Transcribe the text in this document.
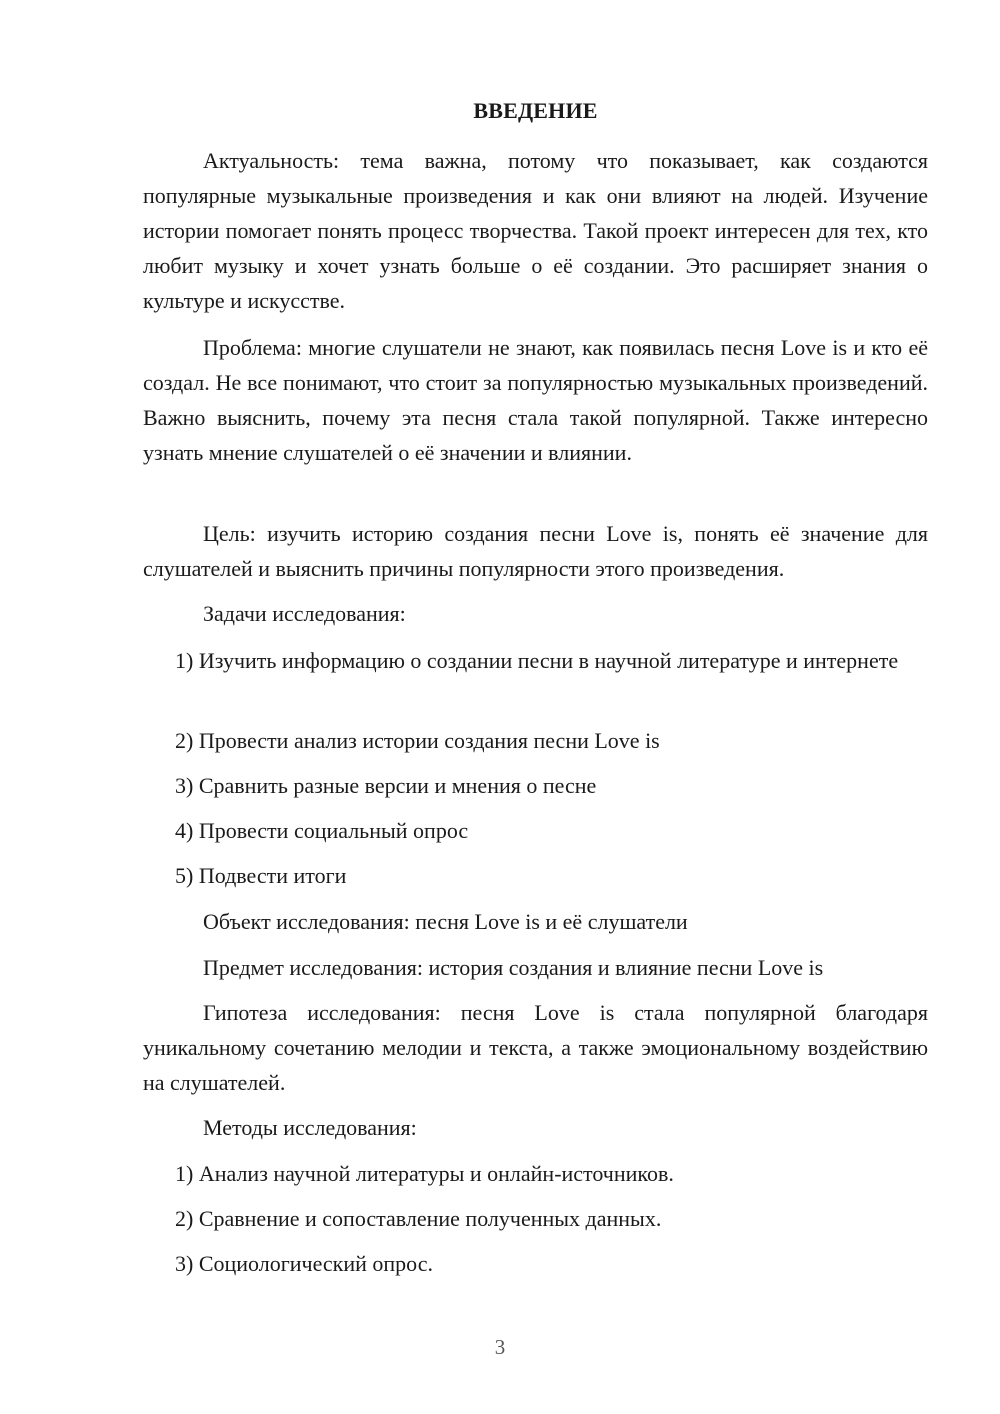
ВВЕДЕНИЕ

Актуальность: тема важна, потому что показывает, как создаются популярные музыкальные произведения и как они влияют на людей. Изучение истории помогает понять процесс творчества. Такой проект интересен для тех, кто любит музыку и хочет узнать больше о её создании. Это расширяет знания о культуре и искусстве.

Проблема: многие слушатели не знают, как появилась песня Love is и кто её создал. Не все понимают, что стоит за популярностью музыкальных произведений. Важно выяснить, почему эта песня стала такой популярной. Также интересно узнать мнение слушателей о её значении и влиянии.

Цель: изучить историю создания песни Love is, понять её значение для слушателей и выяснить причины популярности этого произведения.

Задачи исследования:

1) Изучить информацию о создании песни в научной литературе и интернете

2) Провести анализ истории создания песни Love is
3) Сравнить разные версии и мнения о песне
4) Провести социальный опрос
5) Подвести итоги
Объект исследования: песня Love is и её слушатели
Предмет исследования: история создания и влияние песни Love is

Гипотеза исследования: песня Love is стала популярной благодаря уникальному сочетанию мелодии и текста, а также эмоциональному воздействию на слушателей.

Методы исследования:
1) Анализ научной литературы и онлайн-источников.
2) Сравнение и сопоставление полученных данных.
3) Социологический опрос.
3
